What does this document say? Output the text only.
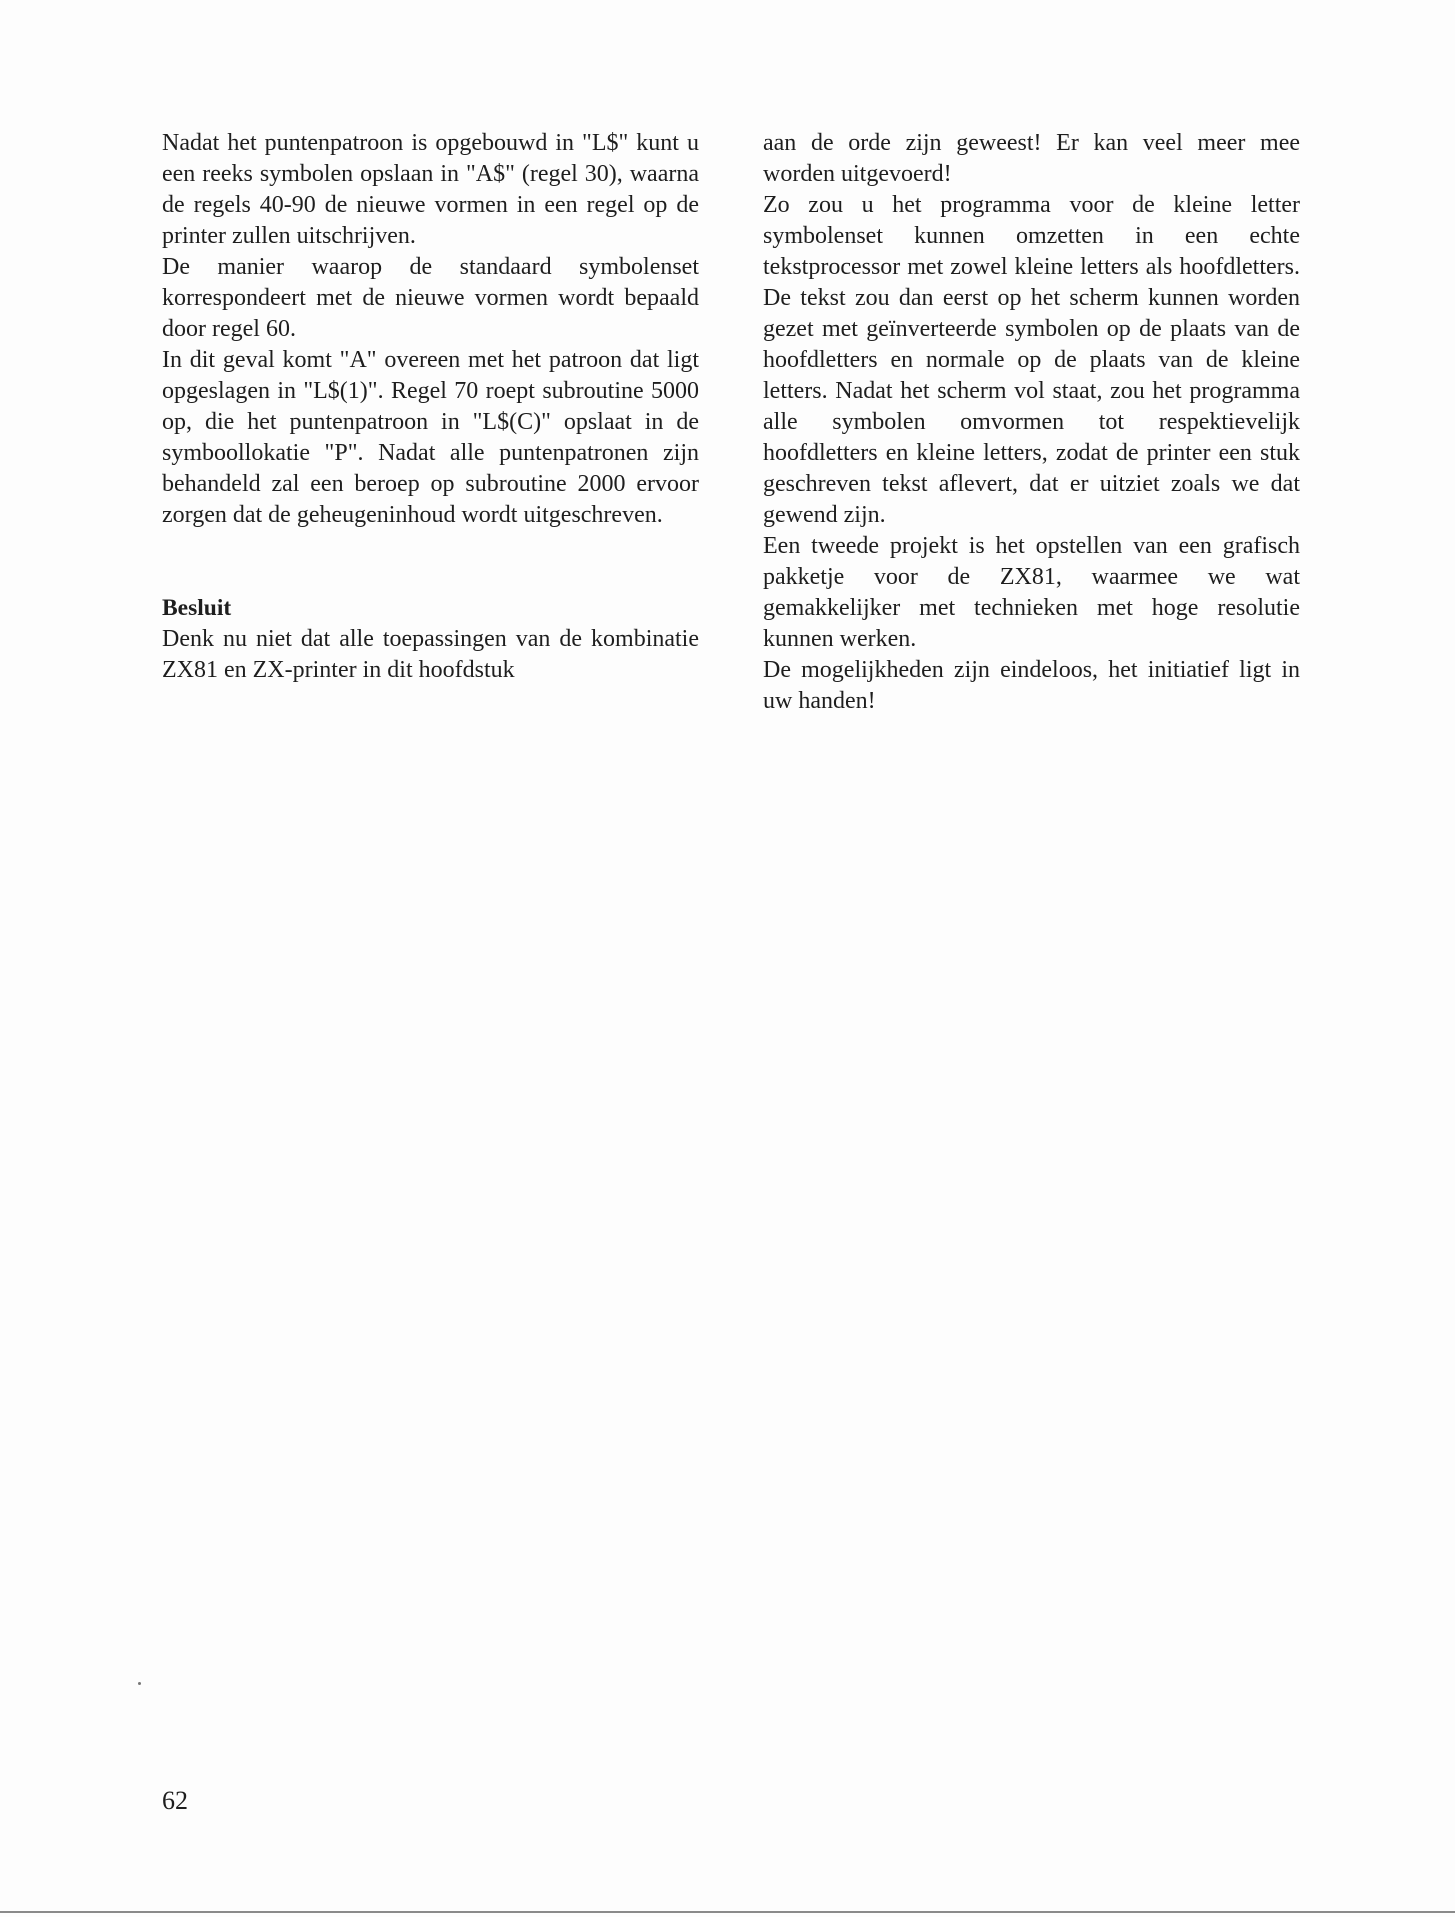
Nadat het puntenpatroon is opgebouwd in "L$" kunt u een reeks symbolen opslaan in "A$" (regel 30), waarna de regels 40-90 de nieuwe vormen in een regel op de printer zullen uitschrijven.

De manier waarop de standaard symbolenset korrespondeert met de nieuwe vormen wordt bepaald door regel 60.

In dit geval komt "A" overeen met het patroon dat ligt opgeslagen in "L$(1)". Regel 70 roept subroutine 5000 op, die het puntenpatroon in "L$(C)" opslaat in de symboollokatie "P". Nadat alle puntenpatronen zijn behandeld zal een beroep op subroutine 2000 ervoor zorgen dat de geheugeninhoud wordt uitgeschreven.

Besluit

Denk nu niet dat alle toepassingen van de kombinatie ZX81 en ZX-printer in dit hoofdstuk

aan de orde zijn geweest! Er kan veel meer mee worden uitgevoerd!

Zo zou u het programma voor de kleine letter symbolenset kunnen omzetten in een echte tekstprocessor met zowel kleine letters als hoofdletters. De tekst zou dan eerst op het scherm kunnen worden gezet met geïnverteerde symbolen op de plaats van de hoofdletters en normale op de plaats van de kleine letters. Nadat het scherm vol staat, zou het programma alle symbolen omvormen tot respektievelijk hoofdletters en kleine letters, zodat de printer een stuk geschreven tekst aflevert, dat er uitziet zoals we dat gewend zijn.

Een tweede projekt is het opstellen van een grafisch pakketje voor de ZX81, waarmee we wat gemakkelijker met technieken met hoge resolutie kunnen werken.

De mogelijkheden zijn eindeloos, het initiatief ligt in uw handen!

62
